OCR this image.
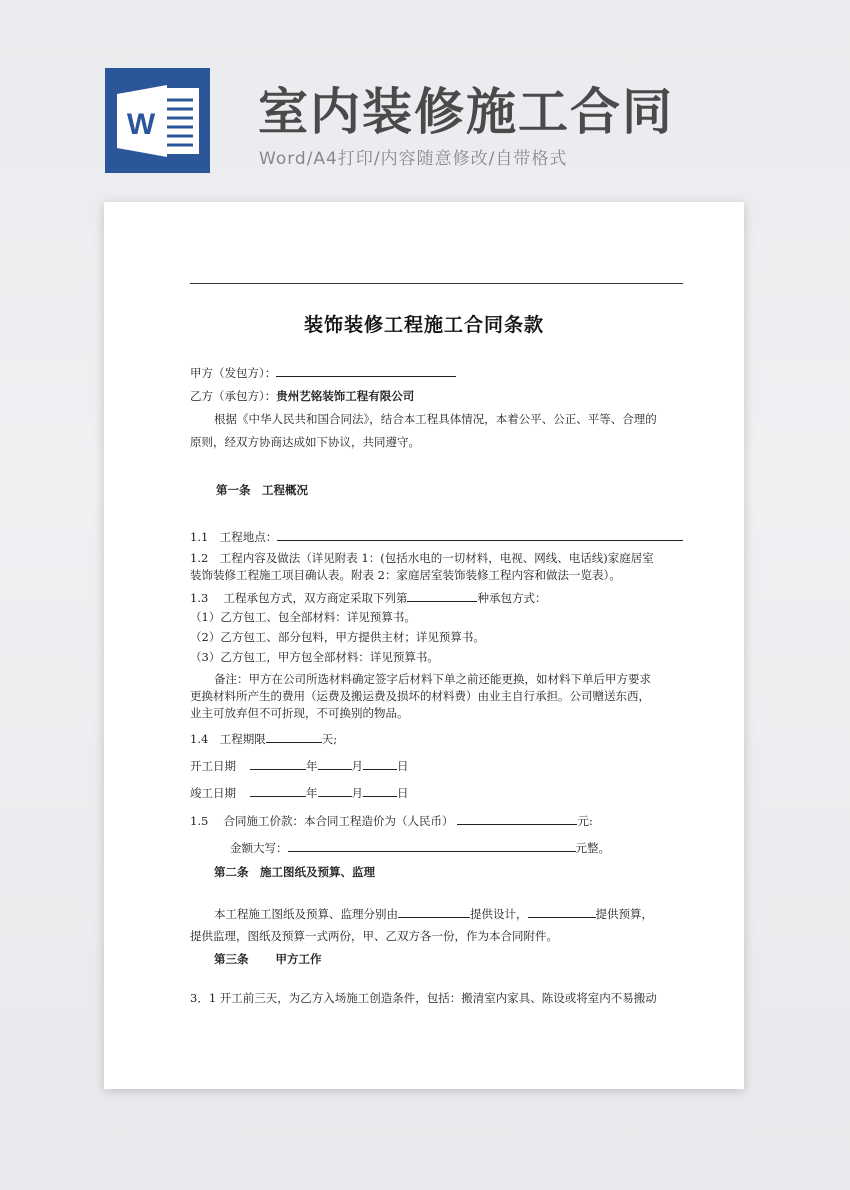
W 室内装修施工合同
Word/A4打印/内容随意修改/自带格式
装饰装修工程施工合同条款
甲方（发包方）：
乙方（承包方）：贵州艺铭装饰工程有限公司
根据《中华人民共和国合同法》，结合本工程具体情况，本着公平、公正、平等、合理的
原则，经双方协商达成如下协议，共同遵守。
第一条　工程概况
1.1　工程地点：
1.2　工程内容及做法（详见附表 1：(包括水电的一切材料，电视、网线、电话线)家庭居室
装饰装修工程施工项目确认表。附表 2：家庭居室装饰装修工程内容和做法一览表）。
1.3　 工程承包方式，双方商定采取下列第	种承包方式：
（1）乙方包工、包全部材料：详见预算书。
（2）乙方包工、部分包料，甲方提供主材；详见预算书。
（3）乙方包工，甲方包全部材料：详见预算书。
备注：甲方在公司所选材料确定签字后材料下单之前还能更换，如材料下单后甲方要求
更换材料所产生的费用（运费及搬运费及损坏的材料费）由业主自行承担。公司赠送东西，
业主可放弃但不可折现，不可换别的物品。
1.4　工程期限	天;
开工日期	年	月	日
竣工日期	年	月	日
1.5　 合同施工价款：本合同工程造价为（人民币）	元:
金额大写：	元整。
第二条　施工图纸及预算、监理
本工程施工图纸及预算、监理分别由	提供设计，	提供预算，
提供监理，图纸及预算一式两份，甲、乙双方各一份，作为本合同附件。
第三条　　 甲方工作
3．1 开工前三天，为乙方入场施工创造条件，包括：搬清室内家具、陈设或将室内不易搬动
